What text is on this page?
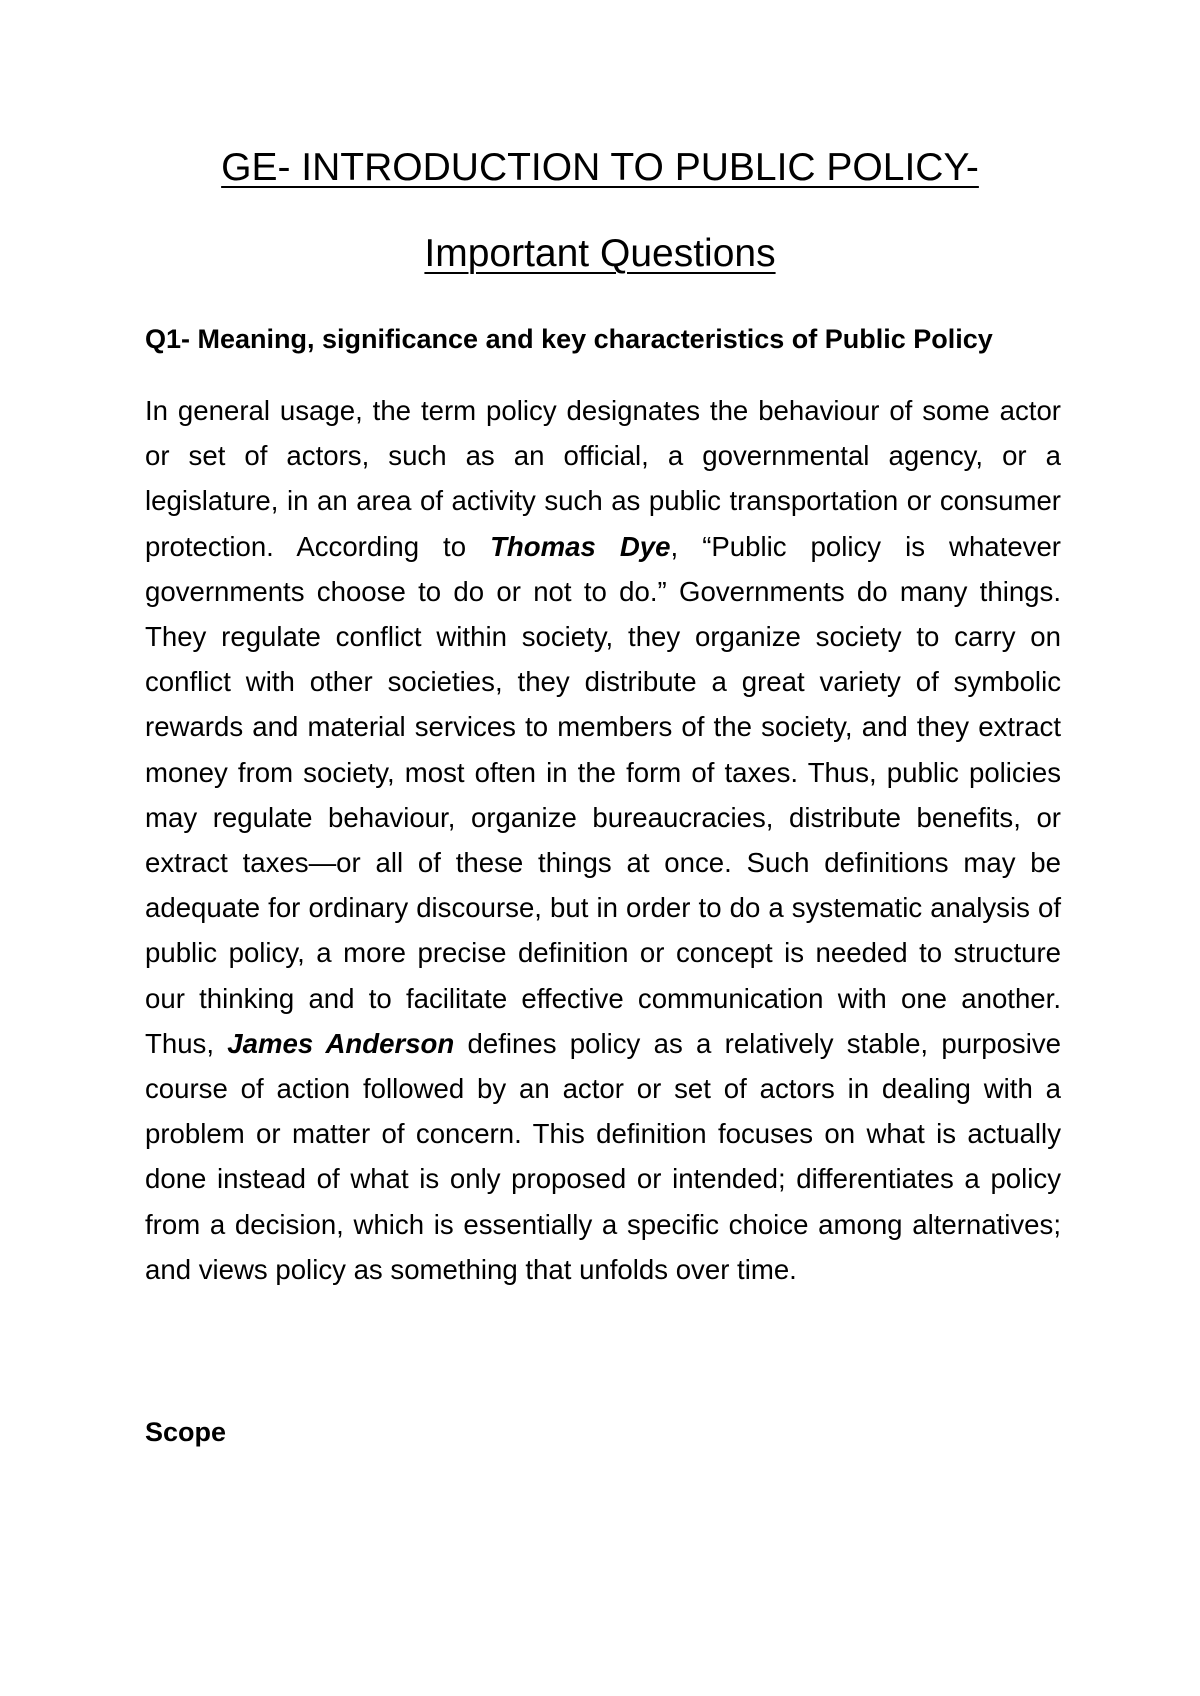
GE- INTRODUCTION TO PUBLIC POLICY-
Important Questions
Q1- Meaning, significance and key characteristics of Public Policy
In general usage, the term policy designates the behaviour of some actor or set of actors, such as an official, a governmental agency, or a legislature, in an area of activity such as public transportation or consumer protection. According to Thomas Dye, “Public policy is whatever governments choose to do or not to do.” Governments do many things. They regulate conflict within society, they organize society to carry on conflict with other societies, they distribute a great variety of symbolic rewards and material services to members of the society, and they extract money from society, most often in the form of taxes. Thus, public policies may regulate behaviour, organize bureaucracies, distribute benefits, or extract taxes—or all of these things at once. Such definitions may be adequate for ordinary discourse, but in order to do a systematic analysis of public policy, a more precise definition or concept is needed to structure our thinking and to facilitate effective communication with one another. Thus, James Anderson defines policy as a relatively stable, purposive course of action followed by an actor or set of actors in dealing with a problem or matter of concern. This definition focuses on what is actually done instead of what is only proposed or intended; differentiates a policy from a decision, which is essentially a specific choice among alternatives; and views policy as something that unfolds over time.
Scope
